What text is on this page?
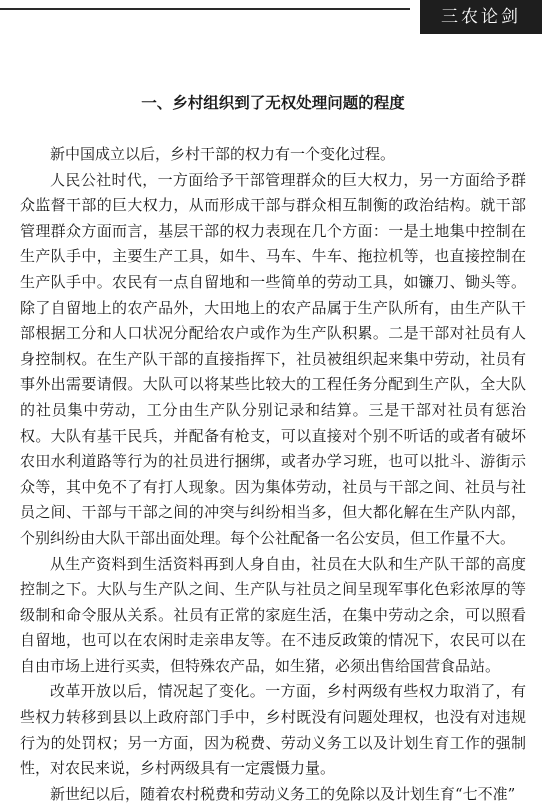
三农论剑
一、乡村组织到了无权处理问题的程度

新中国成立以后，乡村干部的权力有一个变化过程。

人民公社时代，一方面给予干部管理群众的巨大权力，另一方面给予群众监督干部的巨大权力，从而形成干部与群众相互制衡的政治结构。就干部管理群众方面而言，基层干部的权力表现在几个方面：一是土地集中控制在生产队手中，主要生产工具，如牛、马车、牛车、拖拉机等，也直接控制在生产队手中。农民有一点自留地和一些简单的劳动工具，如镰刀、锄头等。除了自留地上的农产品外，大田地上的农产品属于生产队所有，由生产队干部根据工分和人口状况分配给农户或作为生产队积累。二是干部对社员有人身控制权。在生产队干部的直接指挥下，社员被组织起来集中劳动，社员有事外出需要请假。大队可以将某些比较大的工程任务分配到生产队，全大队的社员集中劳动，工分由生产队分别记录和结算。三是干部对社员有惩治权。大队有基干民兵，并配备有枪支，可以直接对个别不听话的或者有破坏农田水利道路等行为的社员进行捆绑，或者办学习班，也可以批斗、游街示众等，其中免不了有打人现象。因为集体劳动，社员与干部之间、社员与社员之间、干部与干部之间的冲突与纠纷相当多，但大都化解在生产队内部，个别纠纷由大队干部出面处理。每个公社配备一名公安员，但工作量不大。

从生产资料到生活资料再到人身自由，社员在大队和生产队干部的高度控制之下。大队与生产队之间、生产队与社员之间呈现军事化色彩浓厚的等级制和命令服从关系。社员有正常的家庭生活，在集中劳动之余，可以照看自留地，也可以在农闲时走亲串友等。在不违反政策的情况下，农民可以在自由市场上进行买卖，但特殊农产品，如生猪，必须出售给国营食品站。

改革开放以后，情况起了变化。一方面，乡村两级有些权力取消了，有些权力转移到县以上政府部门手中，乡村既没有问题处理权，也没有对违规行为的处罚权；另一方面，因为税费、劳动义务工以及计划生育工作的强制性，对农民来说，乡村两级具有一定震慑力量。

新世纪以后，随着农村税费和劳动义务工的免除以及计划生育“七不准”
